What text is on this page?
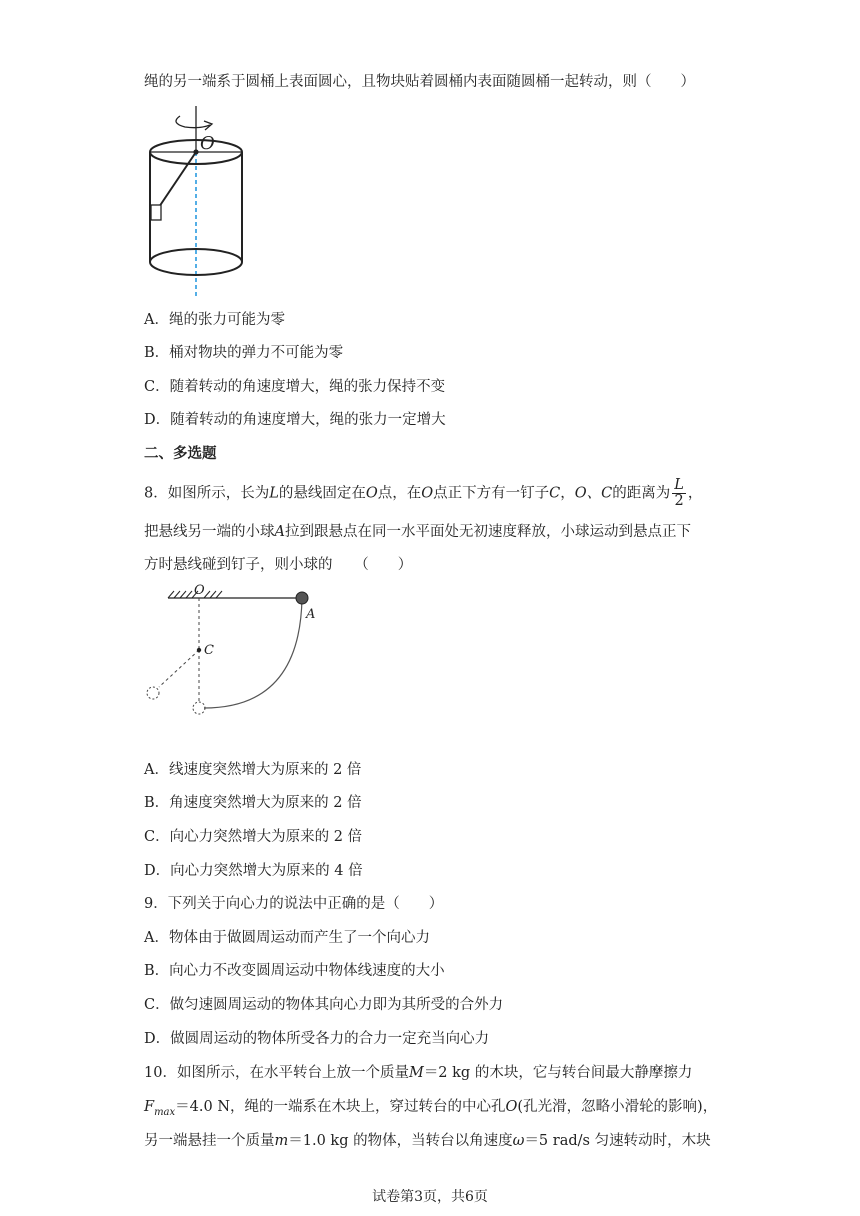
绳的另一端系于圆桶上表面圆心，且物块贴着圆桶内表面随圆桶一起转动，则（　　）
O
A．绳的张力可能为零
B．桶对物块的弹力不可能为零
C．随着转动的角速度增大，绳的张力保持不变
D．随着转动的角速度增大，绳的张力一定增大
二、多选题
8．如图所示，长为L的悬线固定在O点，在O点正下方有一钉子C，O、C的距离为 $\frac{L}{2}$ ，
把悬线另一端的小球A拉到跟悬点在同一水平面处无初速度释放，小球运动到悬点正下
方时悬线碰到钉子，则小球的　　（　　）
O
C
A
A．线速度突然增大为原来的 2 倍
B．角速度突然增大为原来的 2 倍
C．向心力突然增大为原来的 2 倍
D．向心力突然增大为原来的 4 倍
9．下列关于向心力的说法中正确的是（　　）
A．物体由于做圆周运动而产生了一个向心力
B．向心力不改变圆周运动中物体线速度的大小
C．做匀速圆周运动的物体其向心力即为其所受的合外力
D．做圆周运动的物体所受各力的合力一定充当向心力
10．如图所示，在水平转台上放一个质量M＝2 kg 的木块，它与转台间最大静摩擦力
$F_{max}=4.0$ N，绳的一端系在木块上，穿过转台的中心孔O(孔光滑，忽略小滑轮的影响)，
另一端悬挂一个质量m＝1.0 kg 的物体，当转台以角速度ω＝5 rad/s 匀速转动时，木块
试卷第3页，共6页
